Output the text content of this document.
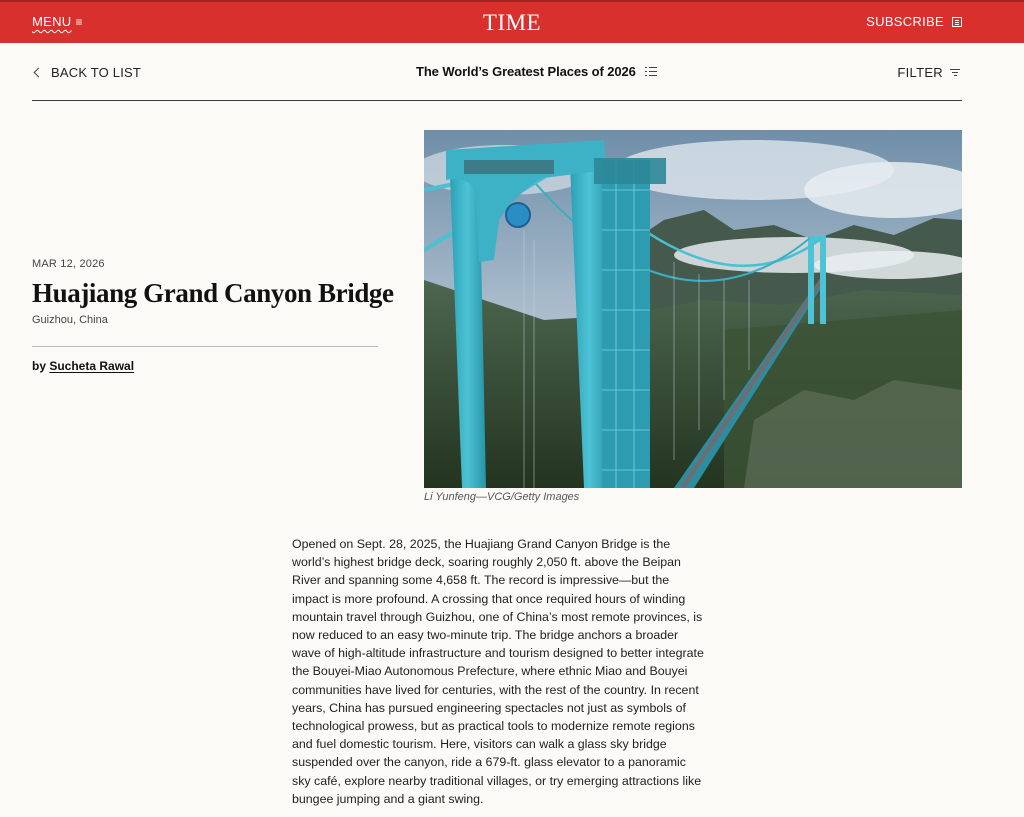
MENU ≡	TIME	SUBSCRIBE
BACK TO LIST	The World’s Greatest Places of 2026	FILTER
MAR 12, 2026
Huajiang Grand Canyon Bridge
Guizhou, China
by Sucheta Rawal
Li Yunfeng—VCG/Getty Images

Opened on Sept. 28, 2025, the Huajiang Grand Canyon Bridge is the world’s highest bridge deck, soaring roughly 2,050 ft. above the Beipan River and spanning some 4,658 ft. The record is impressive—but the impact is more profound. A crossing that once required hours of winding mountain travel through Guizhou, one of China’s most remote provinces, is now reduced to an easy two-minute trip. The bridge anchors a broader wave of high-altitude infrastructure and tourism designed to better integrate the Bouyei-Miao Autonomous Prefecture, where ethnic Miao and Bouyei communities have lived for centuries, with the rest of the country. In recent years, China has pursued engineering spectacles not just as symbols of technological prowess, but as practical tools to modernize remote regions and fuel domestic tourism. Here, visitors can walk a glass sky bridge suspended over the canyon, ride a 679-ft. glass elevator to a panoramic sky café, explore nearby traditional villages, or try emerging attractions like bungee jumping and a giant swing.
